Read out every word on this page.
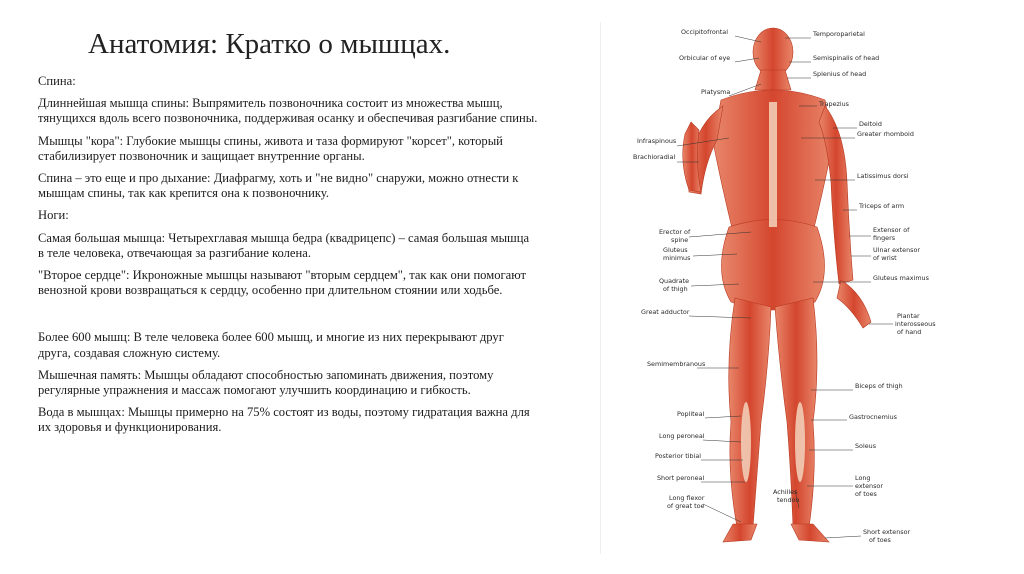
Анатомия: Кратко о мышцах.

Спина:

Длиннейшая мышца спины: Выпрямитель позвоночника состоит из множества мышц, тянущихся вдоль всего позвоночника, поддерживая осанку и обеспечивая разгибание спины.

Мышцы "кора": Глубокие мышцы спины, живота и таза формируют "корсет", который стабилизирует позвоночник и защищает внутренние органы.

Спина – это еще и про дыхание: Диафрагму, хоть и "не видно" снаружи, можно отнести к мышцам спины, так как крепится она к позвоночнику.

Ноги:

Самая большая мышца: Четырехглавая мышца бедра (квадрицепс) – самая большая мышца в теле человека, отвечающая за разгибание колена.

"Второе сердце": Икроножные мышцы называют "вторым сердцем", так как они помогают венозной крови возвращаться к сердцу, особенно при длительном стоянии или ходьбе.

Более 600 мышц: В теле человека более 600 мышц, и многие из них перекрывают друг друга, создавая сложную систему.

Мышечная память: Мышцы обладают способностью запоминать движения, поэтому регулярные упражнения и массаж помогают улучшить координацию и гибкость.

Вода в мышцах: Мышцы примерно на 75% состоят из воды, поэтому гидратация важна для их здоровья и функционирования.

Occipitofrontal
Orbicular of eye
Platysma
Infraspinous
Brachioradial
Erector of
spine
Gluteus
minimus
Quadrate
of thigh
Great adductor
Semimembranous
Popliteal
Long peroneal
Posterior tibial
Short peroneal
Long flexor
of great toe
Achilles
tendon
Temporoparietal
Semispinalis of head
Splenius of head
Trapezius
Deltoid
Greater rhomboid
Latissimus dorsi
Triceps of arm
Extensor of
fingers
Ulnar extensor
of wrist
Gluteus maximus
Plantar
interosseous
of hand
Biceps of thigh
Gastrocnemius
Soleus
Long
extensor
of toes
Short extensor
of toes
